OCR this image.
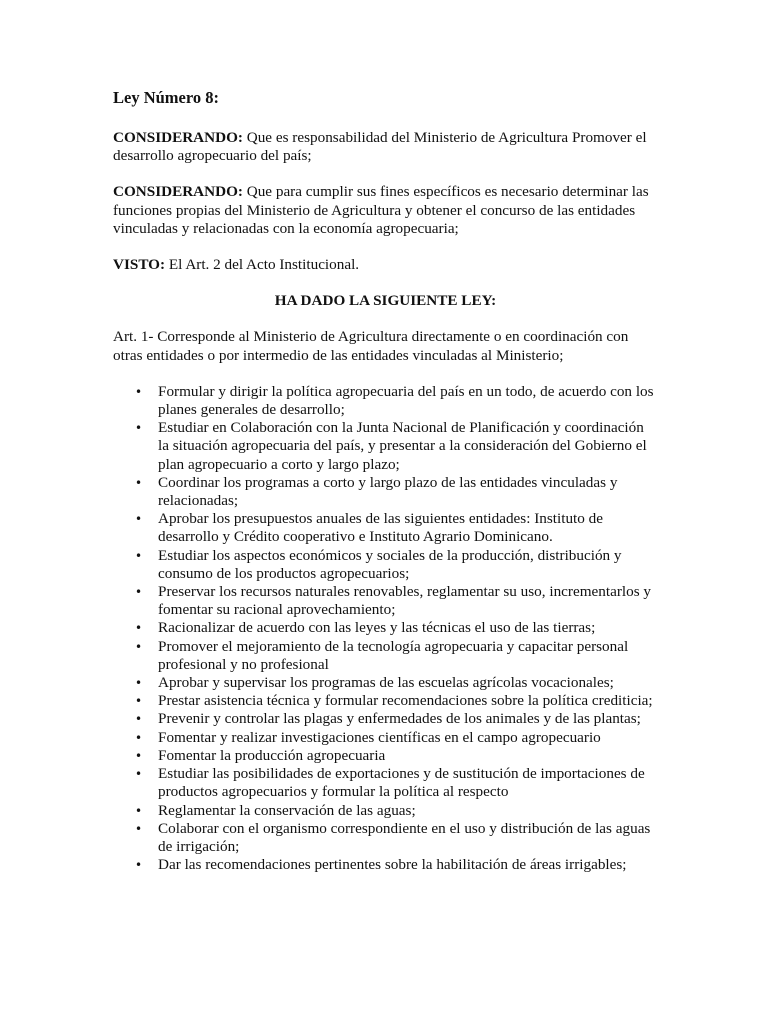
Ley Número 8:
CONSIDERANDO: Que es responsabilidad del Ministerio de Agricultura Promover el desarrollo agropecuario del país;
CONSIDERANDO: Que para cumplir sus fines específicos es necesario determinar las funciones propias del Ministerio de Agricultura y obtener el concurso de las entidades vinculadas y relacionadas con la economía agropecuaria;
VISTO: El Art. 2 del Acto Institucional.
HA DADO LA SIGUIENTE LEY:
Art. 1- Corresponde al Ministerio de Agricultura directamente o en coordinación con otras entidades o por intermedio de las entidades vinculadas al Ministerio;
• Formular y dirigir la política agropecuaria del país en un todo, de acuerdo con los planes generales de desarrollo;
• Estudiar en Colaboración con la Junta Nacional de Planificación y coordinación la situación agropecuaria del país, y presentar a la consideración del Gobierno el plan agropecuario a corto y largo plazo;
• Coordinar los programas a corto y largo plazo de las entidades vinculadas y relacionadas;
• Aprobar los presupuestos anuales de las siguientes entidades: Instituto de desarrollo y Crédito cooperativo e Instituto Agrario Dominicano.
• Estudiar los aspectos económicos y sociales de la producción, distribución y consumo de los productos agropecuarios;
• Preservar los recursos naturales renovables, reglamentar su uso, incrementarlos y fomentar su racional aprovechamiento;
• Racionalizar de acuerdo con las leyes y las técnicas el uso de las tierras;
• Promover el mejoramiento de la tecnología agropecuaria y capacitar personal profesional y no profesional
• Aprobar y supervisar los programas de las escuelas agrícolas vocacionales;
• Prestar asistencia técnica y formular recomendaciones sobre la política crediticia;
• Prevenir y controlar las plagas y enfermedades de los animales y de las plantas;
• Fomentar y realizar investigaciones científicas en el campo agropecuario
• Fomentar la producción agropecuaria
• Estudiar las posibilidades de exportaciones y de sustitución de importaciones de productos agropecuarios y formular la política al respecto
• Reglamentar la conservación de las aguas;
• Colaborar con el organismo correspondiente en el uso y distribución de las aguas de irrigación;
• Dar las recomendaciones pertinentes sobre la habilitación de áreas irrigables;
